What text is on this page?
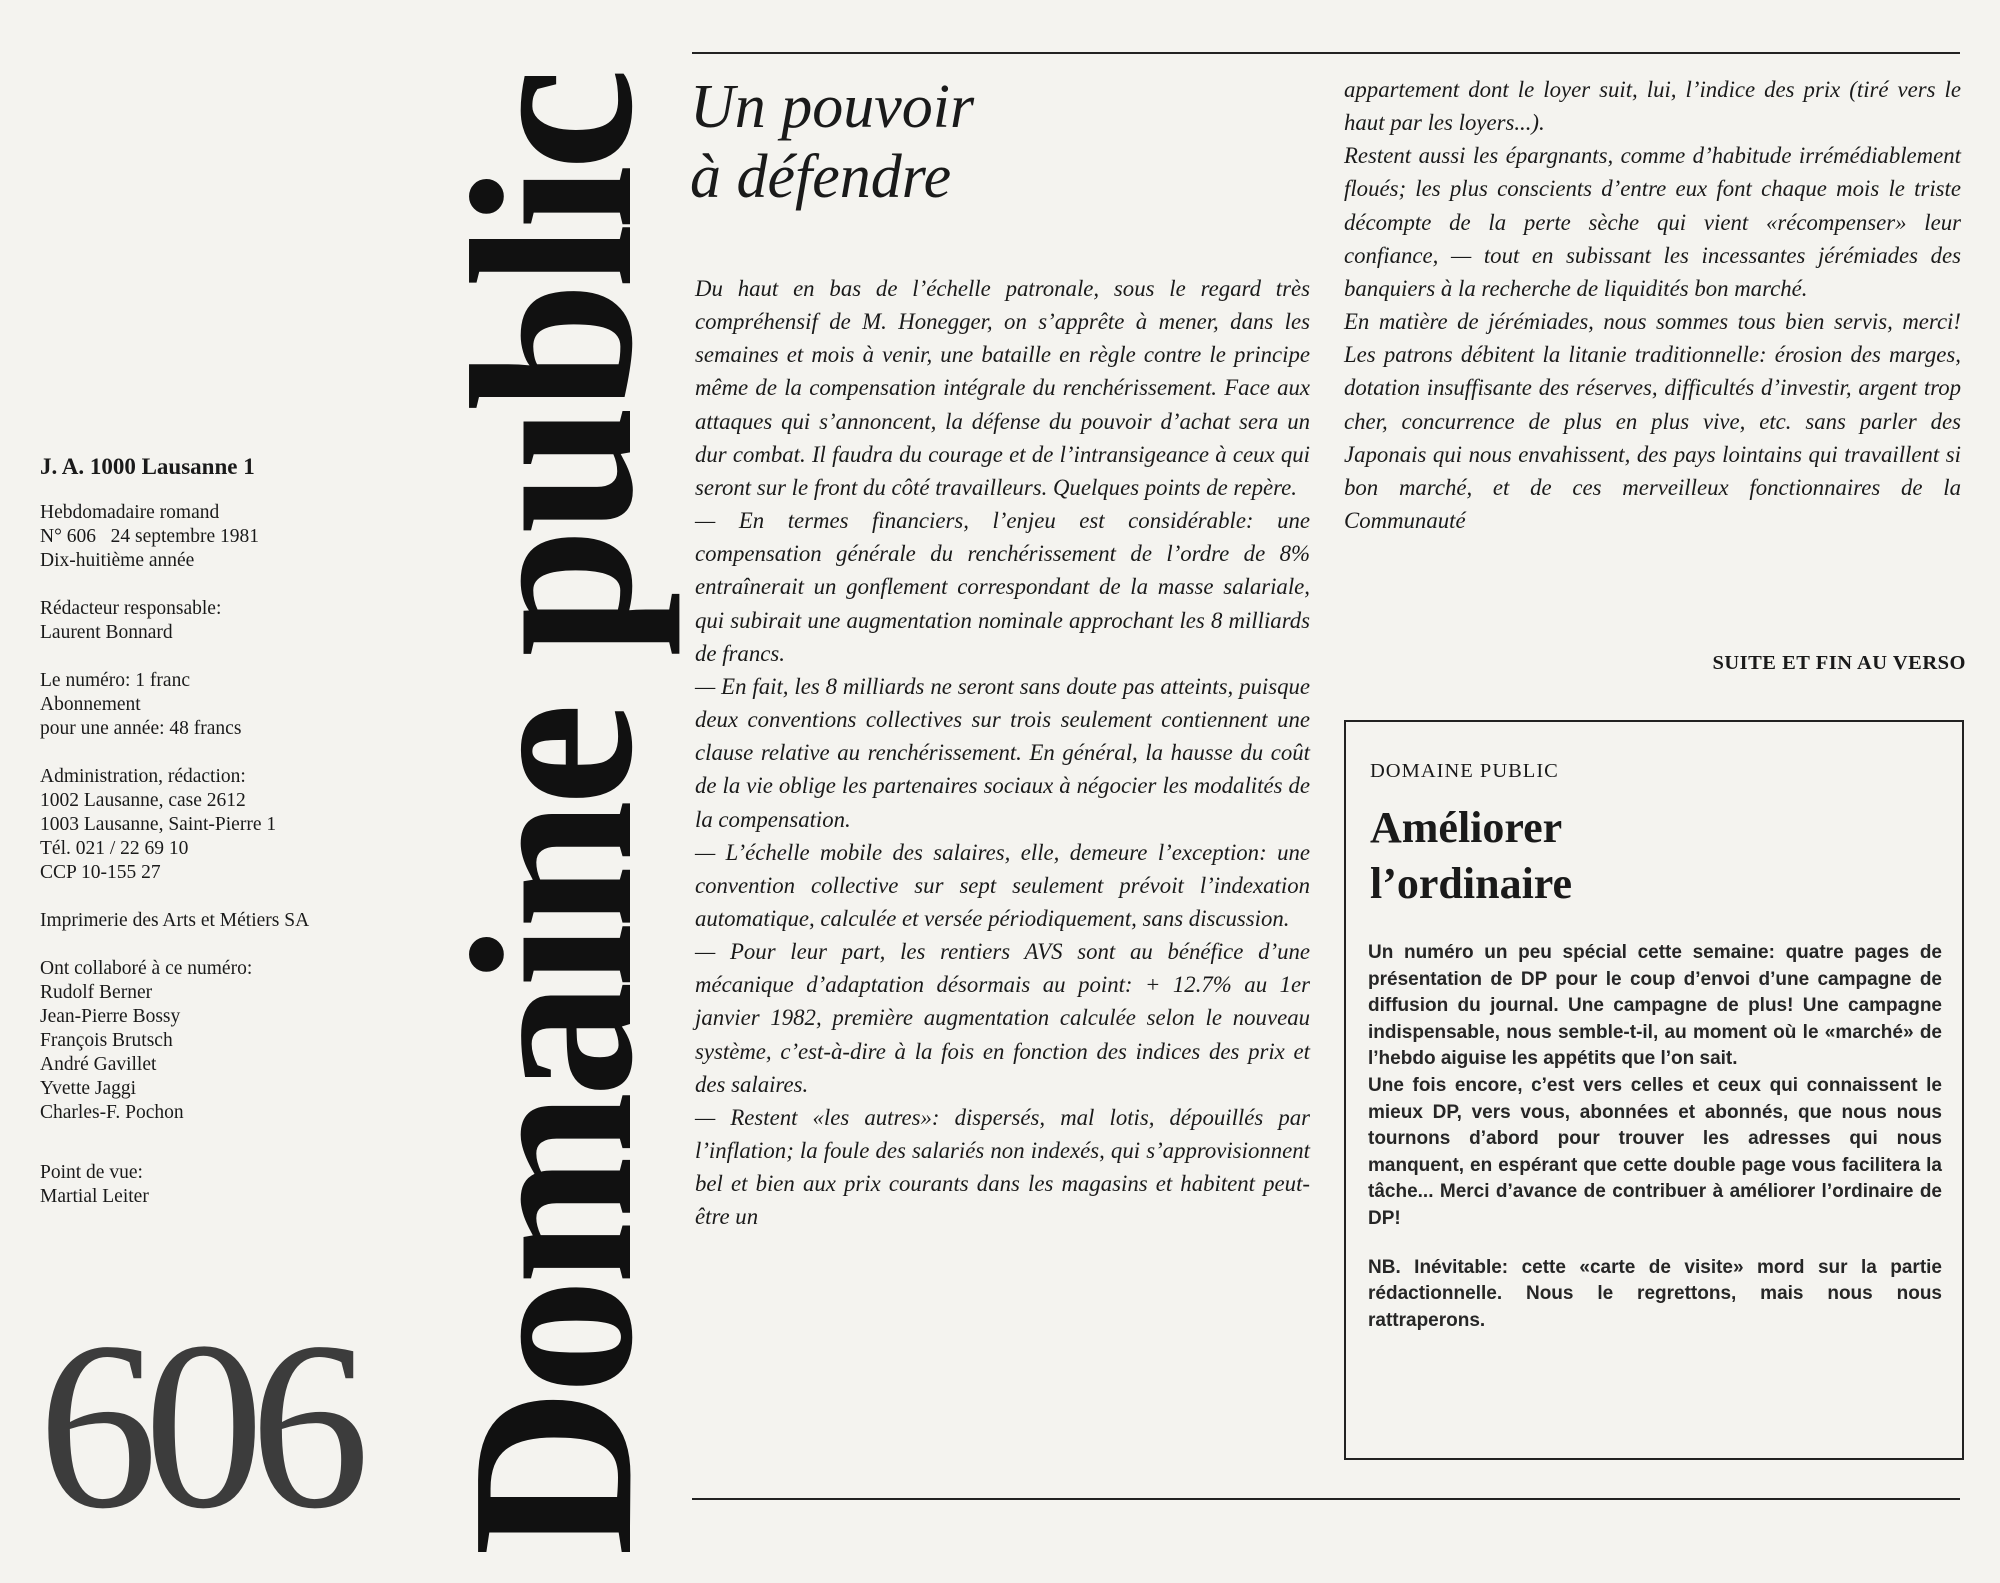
J. A. 1000 Lausanne 1
Hebdomadaire romand
N° 606   24 septembre 1981
Dix-huitième année
Rédacteur responsable:
Laurent Bonnard
Le numéro: 1 franc
Abonnement
pour une année: 48 francs
Administration, rédaction:
1002 Lausanne, case 2612
1003 Lausanne, Saint-Pierre 1
Tél. 021 / 22 69 10
CCP 10-155 27
Imprimerie des Arts et Métiers SA
Ont collaboré à ce numéro:
Rudolf Berner
Jean-Pierre Bossy
François Brutsch
André Gavillet
Yvette Jaggi
Charles-F. Pochon
Point de vue:
Martial Leiter
606 Domaine public Un pouvoir
à défendre

Du haut en bas de l’échelle patronale, sous le regard très compréhensif de M. Honegger, on s’apprête à mener, dans les semaines et mois à venir, une bataille en règle contre le principe même de la compensation intégrale du renchérissement. Face aux attaques qui s’annoncent, la défense du pouvoir d’achat sera un dur combat. Il faudra du courage et de l’intransigeance à ceux qui seront sur le front du côté travailleurs. Quelques points de repère.

— En termes financiers, l’enjeu est considérable: une compensation générale du renchérissement de l’ordre de 8% entraînerait un gonflement correspondant de la masse salariale, qui subirait une augmentation nominale approchant les 8 milliards de francs.

— En fait, les 8 milliards ne seront sans doute pas atteints, puisque deux conventions collectives sur trois seulement contiennent une clause relative au renchérissement. En général, la hausse du coût de la vie oblige les partenaires sociaux à négocier les modalités de la compensation.

— L’échelle mobile des salaires, elle, demeure l’exception: une convention collective sur sept seulement prévoit l’indexation automatique, calculée et versée périodiquement, sans discussion.

— Pour leur part, les rentiers AVS sont au bénéfice d’une mécanique d’adaptation désormais au point: + 12.7% au 1er janvier 1982, première augmentation calculée selon le nouveau système, c’est-à-dire à la fois en fonction des indices des prix et des salaires.

— Restent «les autres»: dispersés, mal lotis, dépouillés par l’inflation; la foule des salariés non indexés, qui s’approvisionnent bel et bien aux prix courants dans les magasins et habitent peut-être un

appartement dont le loyer suit, lui, l’indice des prix (tiré vers le haut par les loyers...).

Restent aussi les épargnants, comme d’habitude irrémédiablement floués; les plus conscients d’entre eux font chaque mois le triste décompte de la perte sèche qui vient «récompenser» leur confiance, — tout en subissant les incessantes jérémiades des banquiers à la recherche de liquidités bon marché.

En matière de jérémiades, nous sommes tous bien servis, merci! Les patrons débitent la litanie traditionnelle: érosion des marges, dotation insuffisante des réserves, difficultés d’investir, argent trop cher, concurrence de plus en plus vive, etc. sans parler des Japonais qui nous envahissent, des pays lointains qui travaillent si bon marché, et de ces merveilleux fonctionnaires de la Communauté

SUITE ET FIN AU VERSO
DOMAINE PUBLIC
Améliorer
l’ordinaire

Un numéro un peu spécial cette semaine: quatre pages de présentation de DP pour le coup d’envoi d’une campagne de diffusion du journal. Une campagne de plus! Une campagne indispensable, nous semble-t-il, au moment où le «marché» de l’hebdo aiguise les appétits que l’on sait.

Une fois encore, c’est vers celles et ceux qui connaissent le mieux DP, vers vous, abonnées et abonnés, que nous nous tournons d’abord pour trouver les adresses qui nous manquent, en espérant que cette double page vous facilitera la tâche... Merci d’avance de contribuer à améliorer l’ordinaire de DP!

NB. Inévitable: cette «carte de visite» mord sur la partie rédactionnelle. Nous le regrettons, mais nous nous rattraperons.
